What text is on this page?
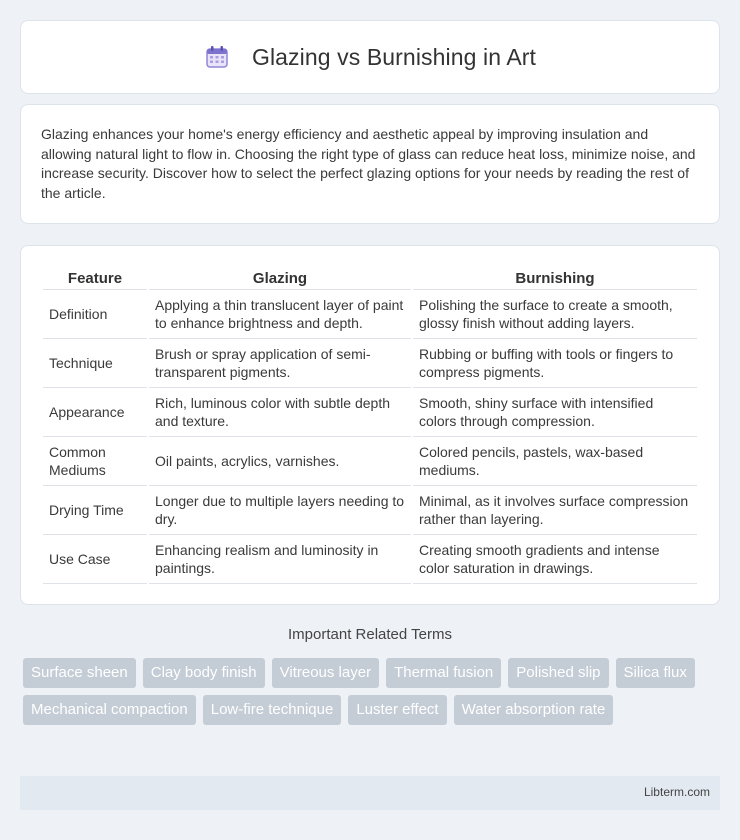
Glazing vs Burnishing in Art

Glazing enhances your home's energy efficiency and aesthetic appeal by improving insulation and allowing natural light to flow in. Choosing the right type of glass can reduce heat loss, minimize noise, and increase security. Discover how to select the perfect glazing options for your needs by reading the rest of the article.

Feature	Glazing	Burnishing
Definition	Applying a thin translucent layer of paint to enhance brightness and depth.	Polishing the surface to create a smooth, glossy finish without adding layers.
Technique	Brush or spray application of semi-transparent pigments.	Rubbing or buffing with tools or fingers to compress pigments.
Appearance	Rich, luminous color with subtle depth and texture.	Smooth, shiny surface with intensified colors through compression.
Common Mediums	Oil paints, acrylics, varnishes.	Colored pencils, pastels, wax-based mediums.
Drying Time	Longer due to multiple layers needing to dry.	Minimal, as it involves surface compression rather than layering.
Use Case	Enhancing realism and luminosity in paintings.	Creating smooth gradients and intense color saturation in drawings.
Important Related Terms
Surface sheen	Clay body finish	Vitreous layer	Thermal fusion	Polished slip	Silica flux
Mechanical compaction	Low-fire technique	Luster effect	Water absorption rate
Libterm.com
